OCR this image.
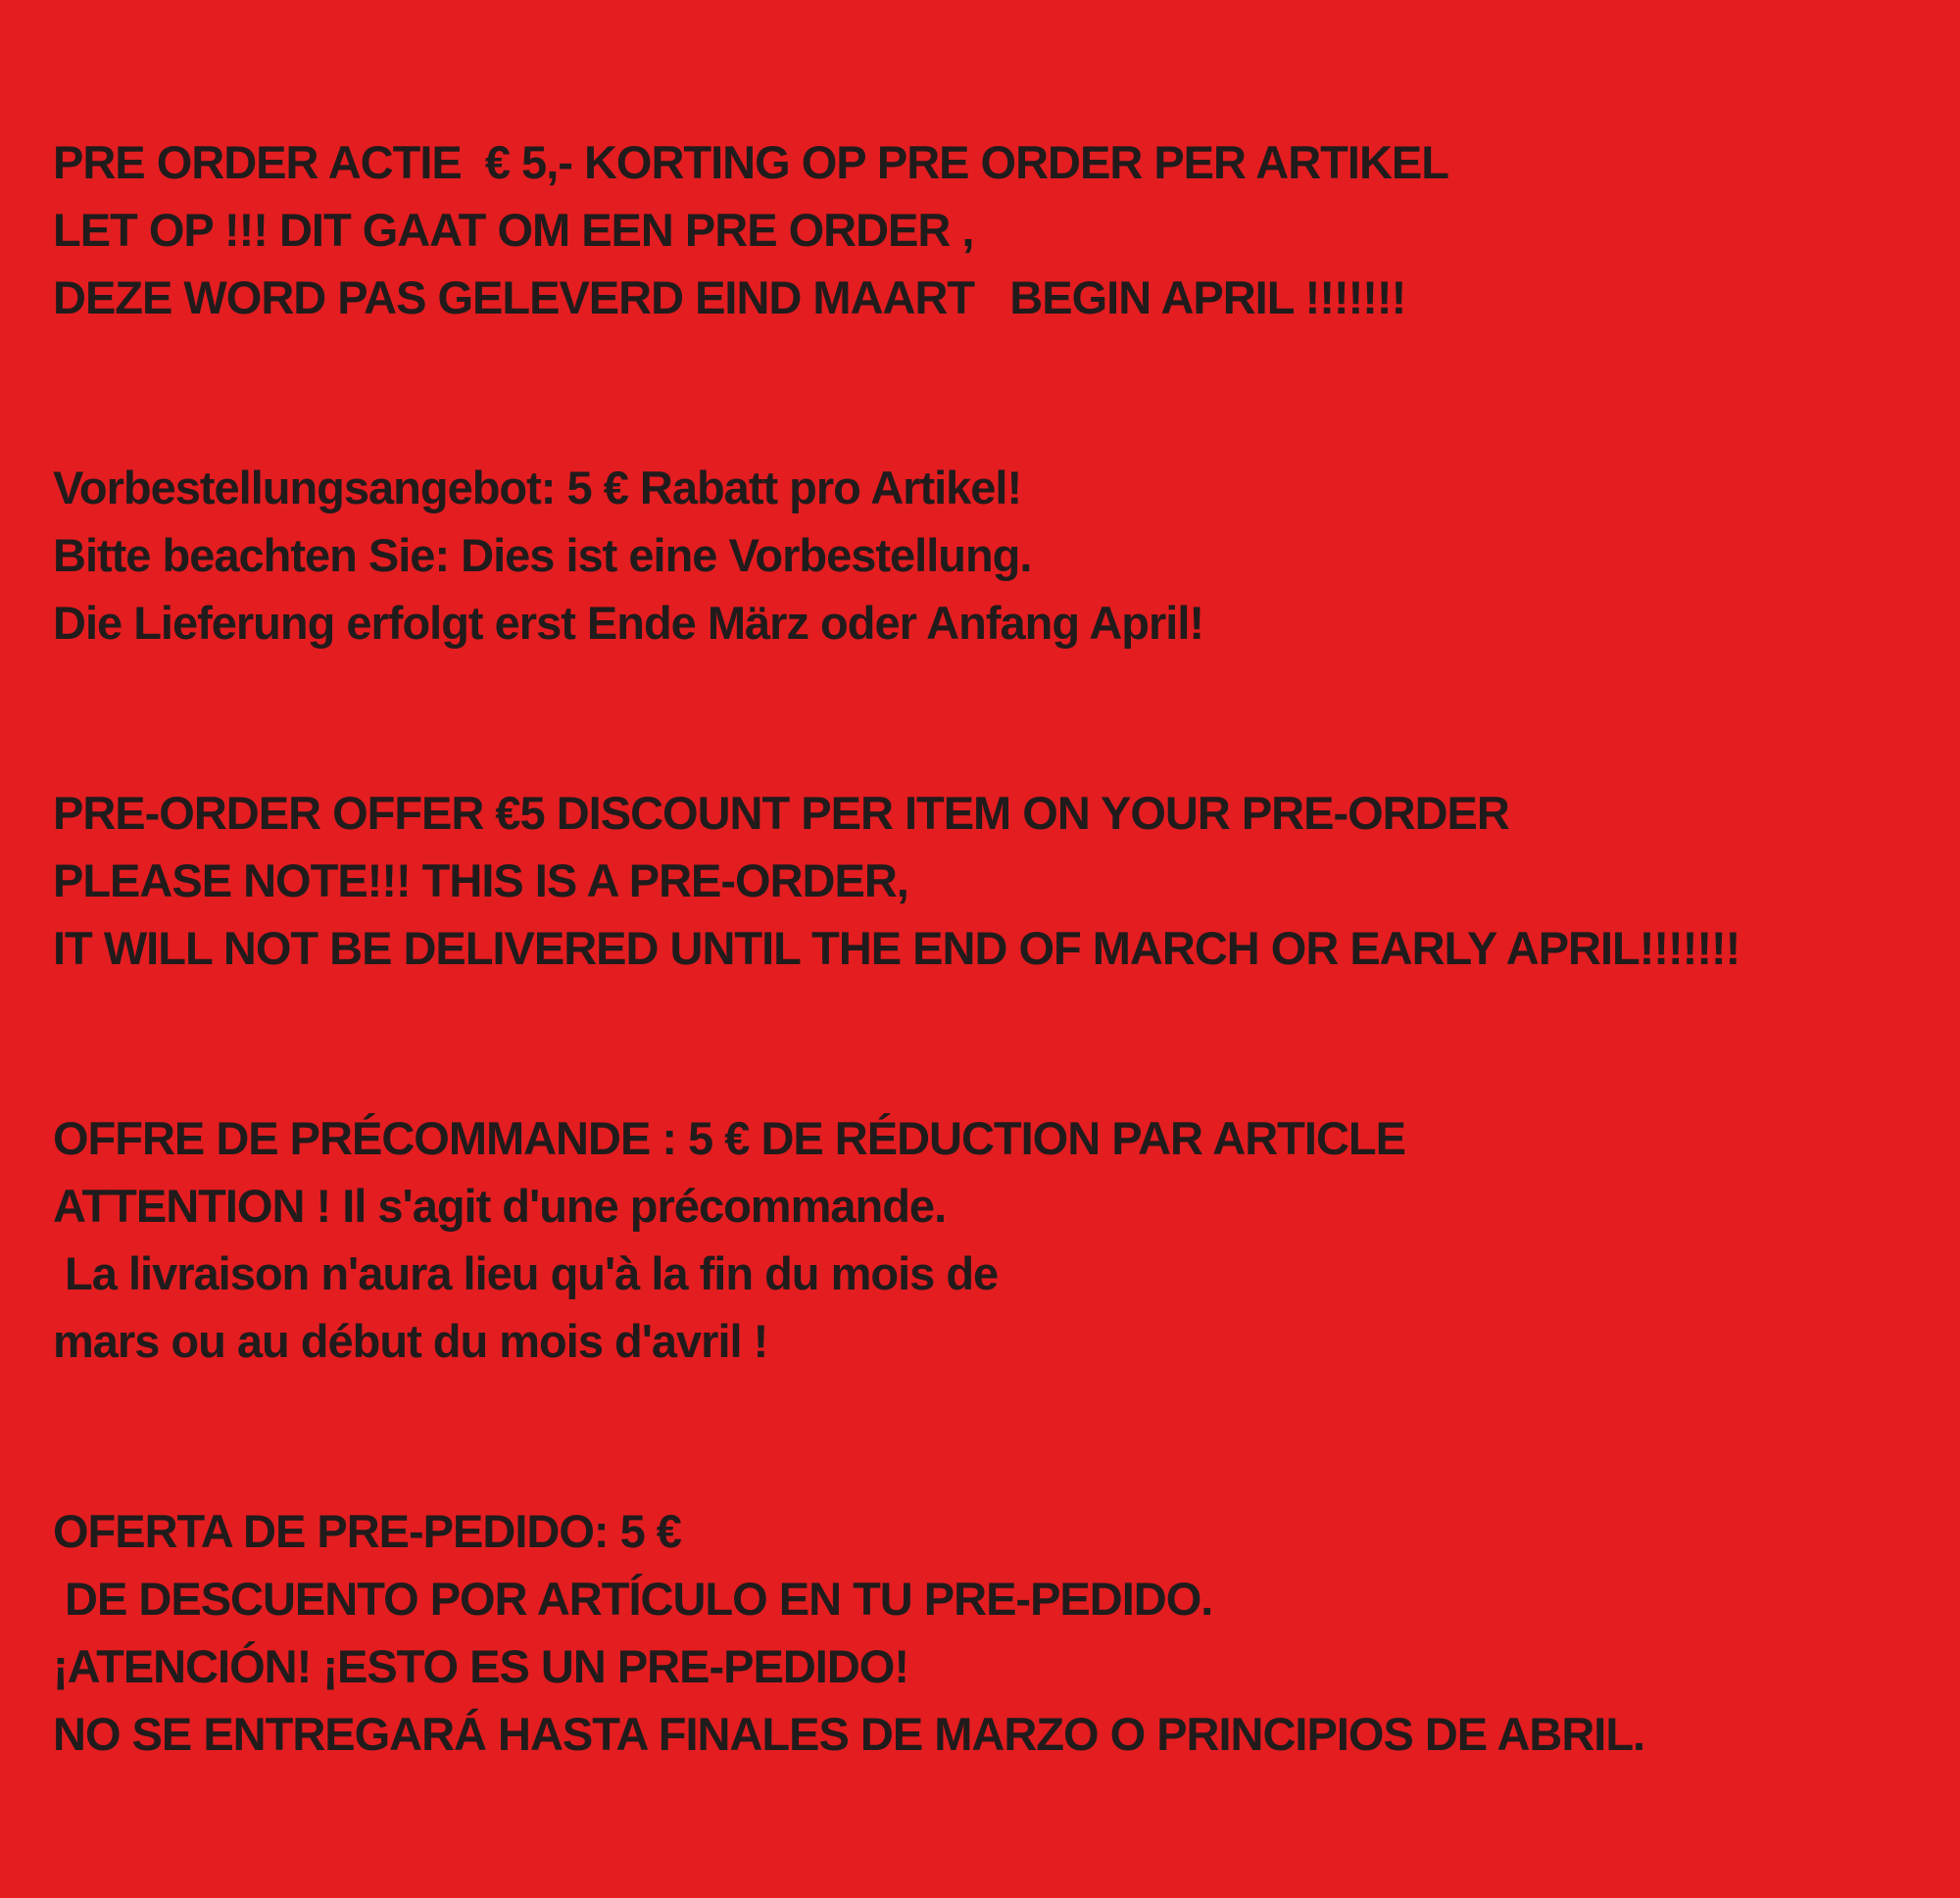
PRE ORDER ACTIE  € 5,- KORTING OP PRE ORDER PER ARTIKEL
LET OP !!! DIT GAAT OM EEN PRE ORDER ,
DEZE WORD PAS GELEVERD EIND MAART   BEGIN APRIL !!!!!!!
Vorbestellungsangebot: 5 € Rabatt pro Artikel!
Bitte beachten Sie: Dies ist eine Vorbestellung.
Die Lieferung erfolgt erst Ende März oder Anfang April!
PRE-ORDER OFFER €5 DISCOUNT PER ITEM ON YOUR PRE-ORDER
PLEASE NOTE!!! THIS IS A PRE-ORDER,
IT WILL NOT BE DELIVERED UNTIL THE END OF MARCH OR EARLY APRIL!!!!!!!
OFFRE DE PRÉCOMMANDE : 5 € DE RÉDUCTION PAR ARTICLE
ATTENTION ! Il s'agit d'une précommande.
La livraison n'aura lieu qu'à la fin du mois de
mars ou au début du mois d'avril !
OFERTA DE PRE-PEDIDO: 5 €
DE DESCUENTO POR ARTÍCULO EN TU PRE-PEDIDO.
¡ATENCIÓN! ¡ESTO ES UN PRE-PEDIDO!
NO SE ENTREGARÁ HASTA FINALES DE MARZO O PRINCIPIOS DE ABRIL.
